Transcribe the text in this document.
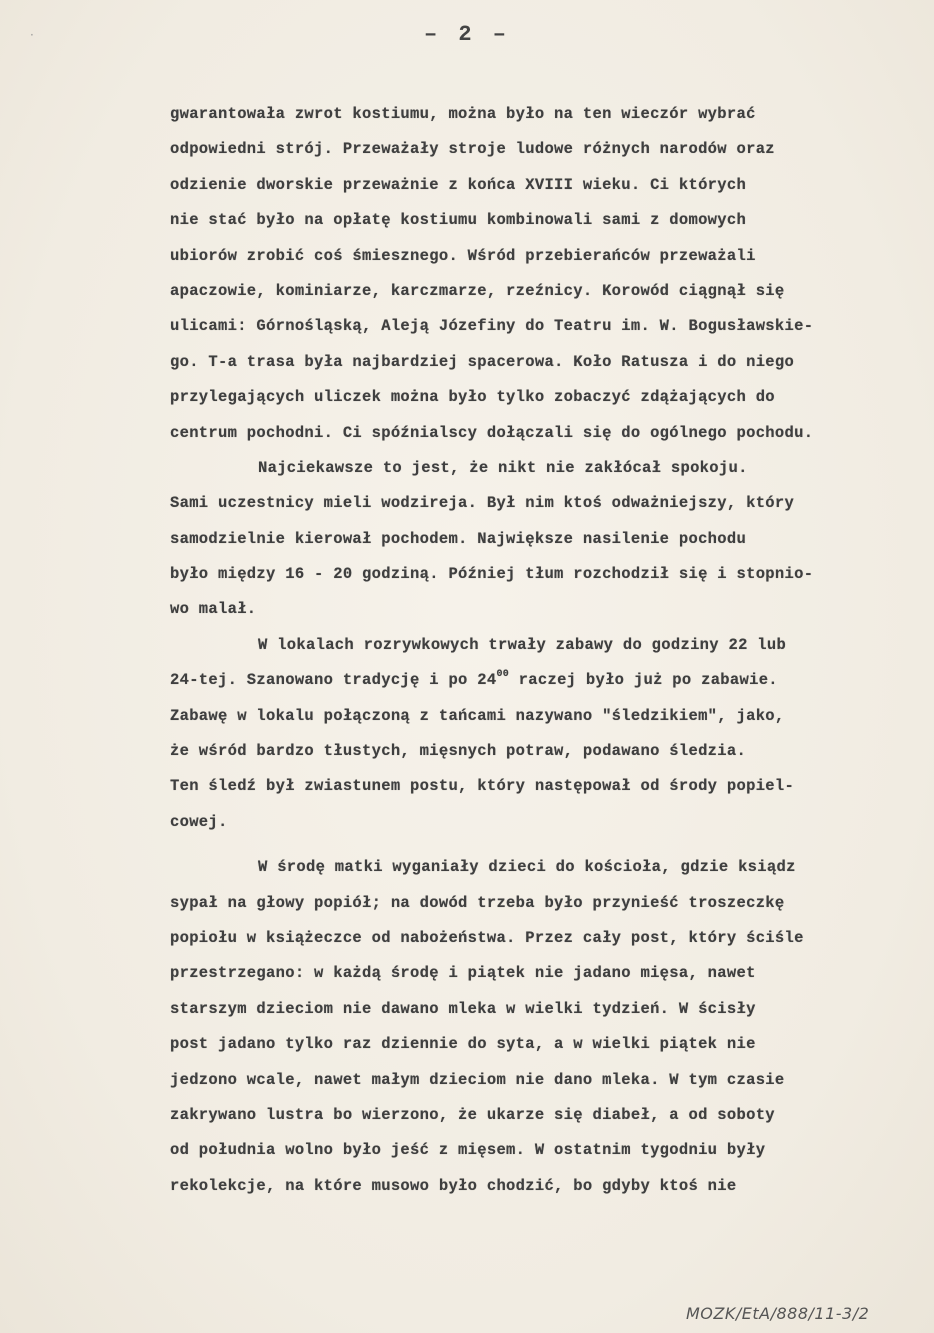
·	– 2 –
gwarantowała zwrot kostiumu, można było na ten wieczór wybrać
odpowiedni strój. Przeważały stroje ludowe różnych narodów oraz
odzienie dworskie przeważnie z końca XVIII wieku. Ci których
nie stać było na opłatę kostiumu kombinowali sami z domowych
ubiorów zrobić coś śmiesznego. Wśród przebierańców przeważali
apaczowie, kominiarze, karczmarze, rzeźnicy. Korowód ciągnął się
ulicami: Górnośląską, Aleją Józefiny do Teatru im. W. Bogusławskie-
go. T-a trasa była najbardziej spacerowa. Koło Ratusza i do niego
przylegających uliczek można było tylko zobaczyć zdążających do
centrum pochodni. Ci spóźnialscy dołączali się do ogólnego pochodu.
Najciekawsze to jest, że nikt nie zakłócał spokoju.
Sami uczestnicy mieli wodzireja. Był nim ktoś odważniejszy, który
samodzielnie kierował pochodem. Największe nasilenie pochodu
było między 16 - 20 godziną. Później tłum rozchodził się i stopnio-
wo malał.
W lokalach rozrywkowych trwały zabawy do godziny 22 lub
24-tej. Szanowano tradycję i po $24^{00}$ raczej było już po zabawie.
Zabawę w lokalu połączoną z tańcami nazywano "śledzikiem", jako,
że wśród bardzo tłustych, mięsnych potraw, podawano śledzia.
Ten śledź był zwiastunem postu, który następował od środy popiel-
cowej.
W środę matki wyganiały dzieci do kościoła, gdzie ksiądz
sypał na głowy popiół; na dowód trzeba było przynieść troszeczkę
popiołu w książeczce od nabożeństwa. Przez cały post, który ściśle
przestrzegano: w każdą środę i piątek nie jadano mięsa, nawet
starszym dzieciom nie dawano mleka w wielki tydzień. W ścisły
post jadano tylko raz dziennie do syta, a w wielki piątek nie
jedzono wcale, nawet małym dzieciom nie dano mleka. W tym czasie
zakrywano lustra bo wierzono, że ukarze się diabeł, a od soboty
od południa wolno było jeść z mięsem. W ostatnim tygodniu były
rekolekcje, na które musowo było chodzić, bo gdyby ktoś nie
MOZK/EtA/888/11-3/2
